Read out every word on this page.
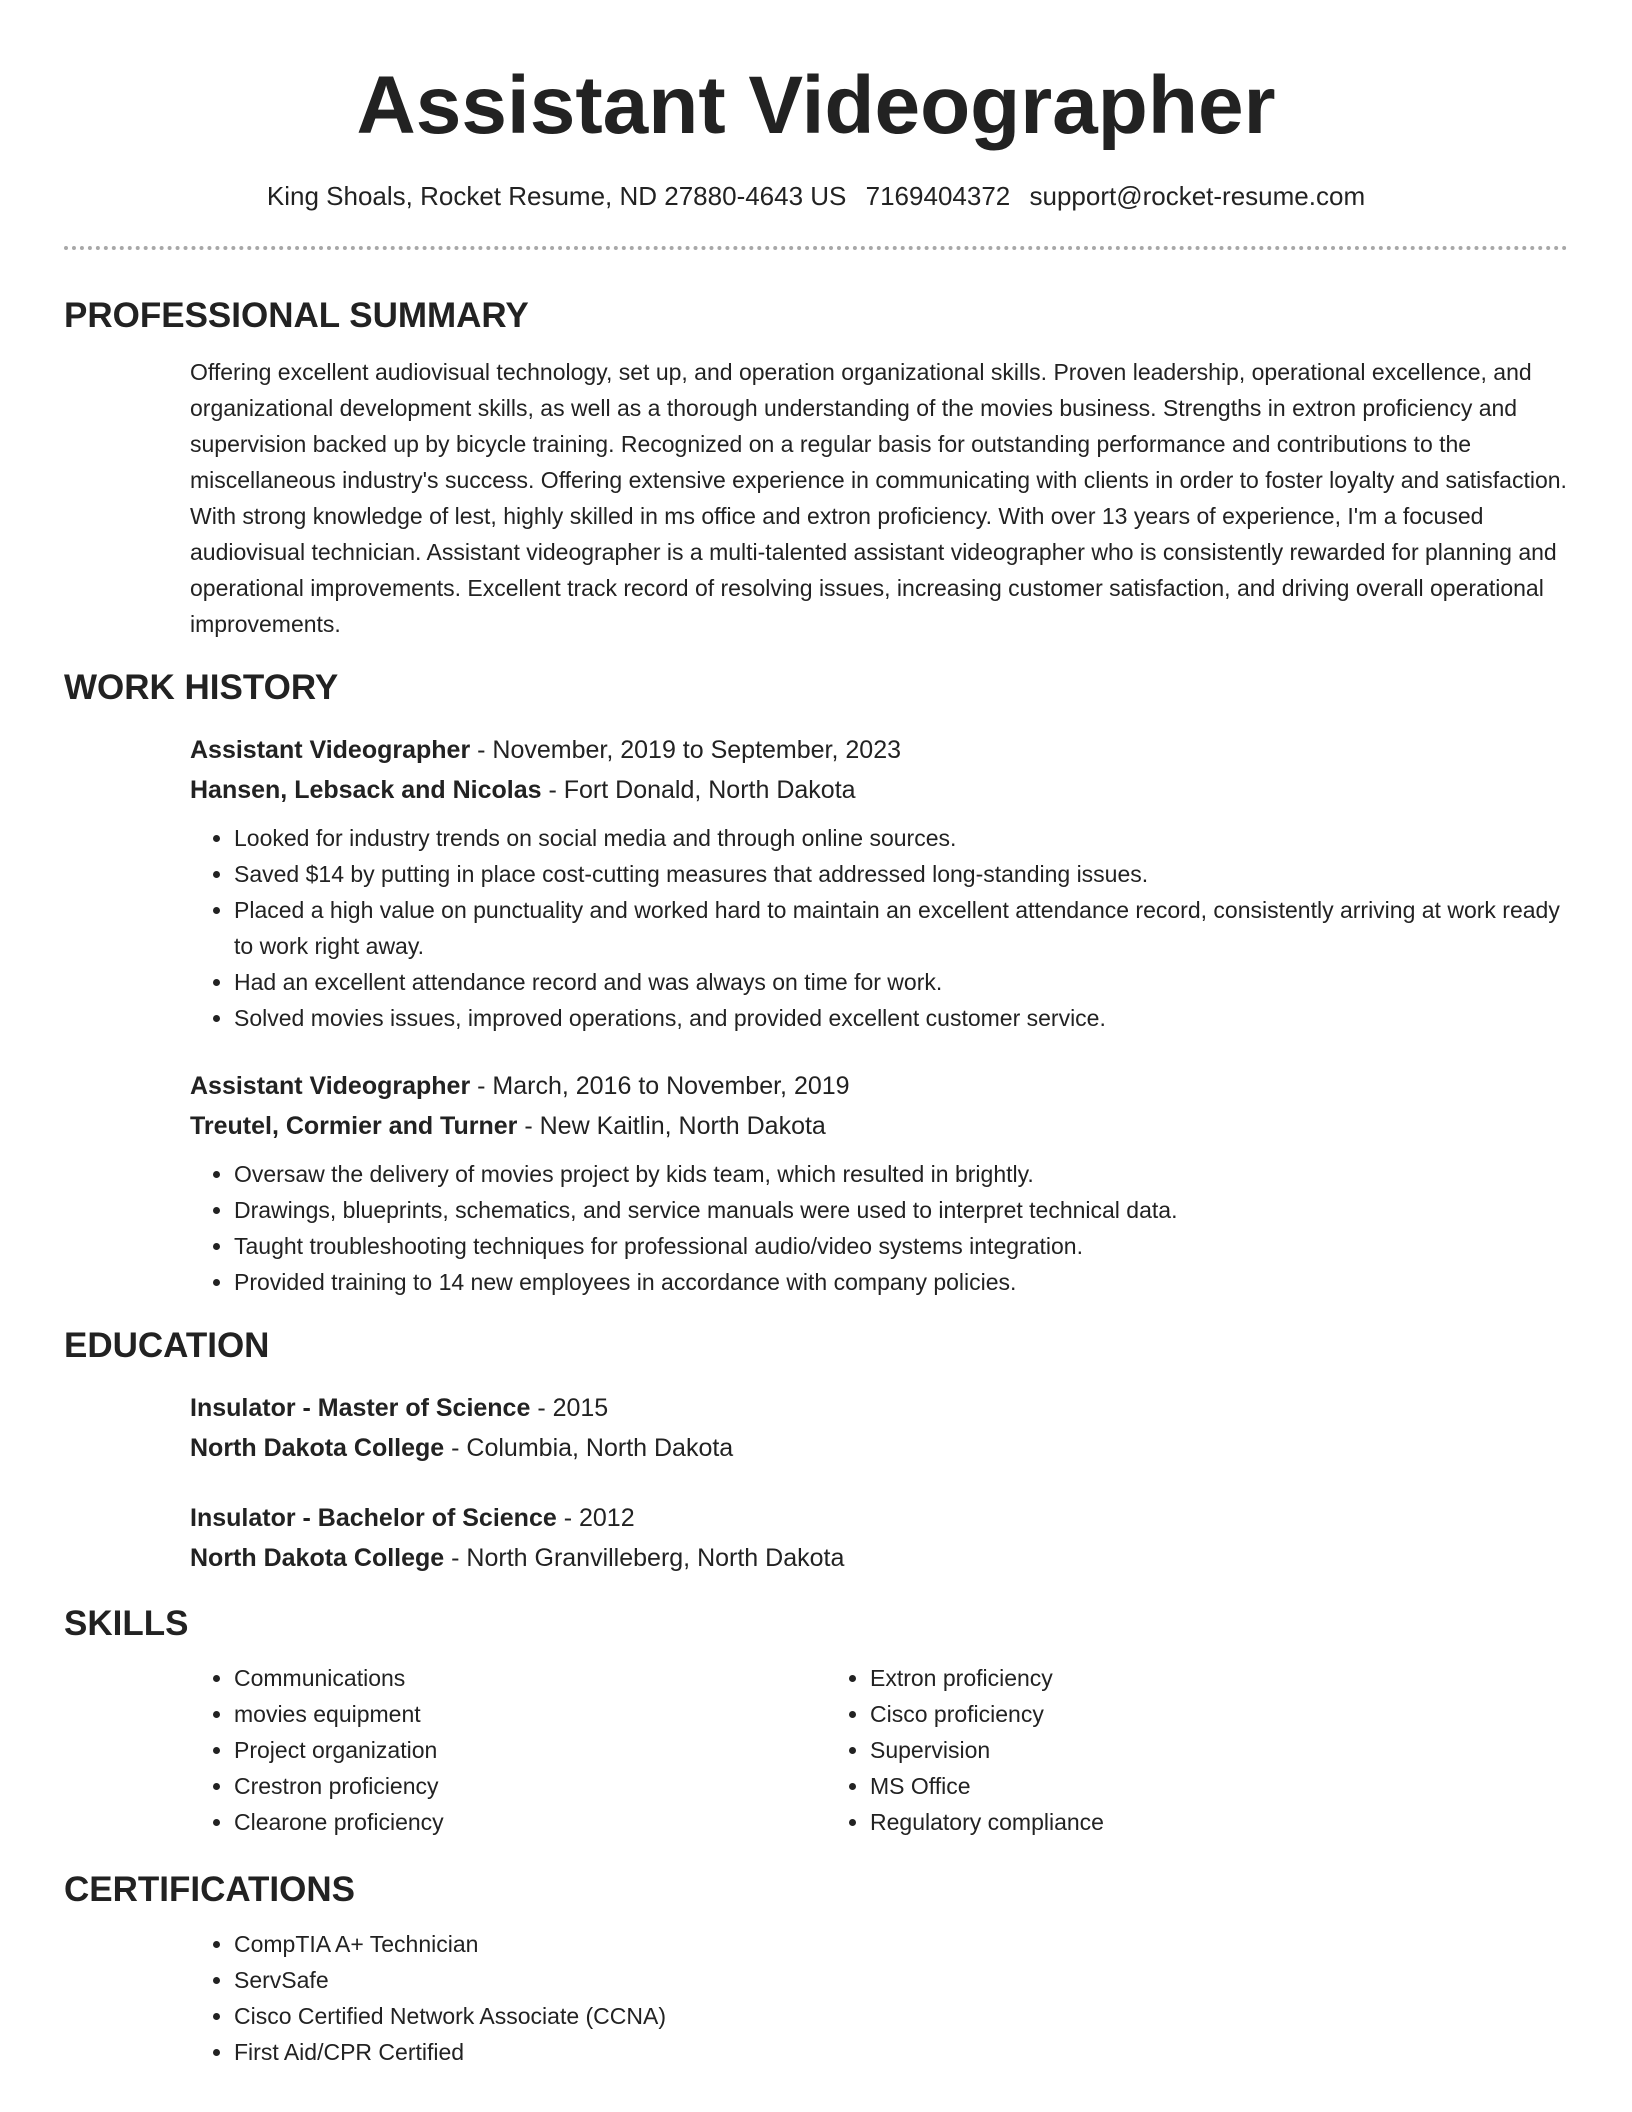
Assistant Videographer
King Shoals, Rocket Resume, ND 27880-4643 US 7169404372 support@rocket-resume.com
PROFESSIONAL SUMMARY

Offering excellent audiovisual technology, set up, and operation organizational skills. Proven leadership, operational excellence, and organizational development skills, as well as a thorough understanding of the movies business. Strengths in extron proficiency and supervision backed up by bicycle training. Recognized on a regular basis for outstanding performance and contributions to the miscellaneous industry's success. Offering extensive experience in communicating with clients in order to foster loyalty and satisfaction. With strong knowledge of lest, highly skilled in ms office and extron proficiency. With over 13 years of experience, I'm a focused audiovisual technician. Assistant videographer is a multi-talented assistant videographer who is consistently rewarded for planning and operational improvements. Excellent track record of resolving issues, increasing customer satisfaction, and driving overall operational improvements.

WORK HISTORY

Assistant Videographer - November, 2019 to September, 2023

Hansen, Lebsack and Nicolas - Fort Donald, North Dakota

• Looked for industry trends on social media and through online sources.
• Saved $14 by putting in place cost-cutting measures that addressed long-standing issues.
• Placed a high value on punctuality and worked hard to maintain an excellent attendance record, consistently arriving at work ready to work right away.
• Had an excellent attendance record and was always on time for work.
• Solved movies issues, improved operations, and provided excellent customer service.

Assistant Videographer - March, 2016 to November, 2019

Treutel, Cormier and Turner - New Kaitlin, North Dakota

• Oversaw the delivery of movies project by kids team, which resulted in brightly.
• Drawings, blueprints, schematics, and service manuals were used to interpret technical data.
• Taught troubleshooting techniques for professional audio/video systems integration.
• Provided training to 14 new employees in accordance with company policies.
EDUCATION

Insulator - Master of Science - 2015

North Dakota College - Columbia, North Dakota

Insulator - Bachelor of Science - 2012

North Dakota College - North Granvilleberg, North Dakota

SKILLS
• Communications
• movies equipment
• Project organization
• Crestron proficiency
• Clearone proficiency
• Extron proficiency
• Cisco proficiency
• Supervision
• MS Office
• Regulatory compliance
CERTIFICATIONS
• CompTIA A+ Technician
• ServSafe
• Cisco Certified Network Associate (CCNA)
• First Aid/CPR Certified
